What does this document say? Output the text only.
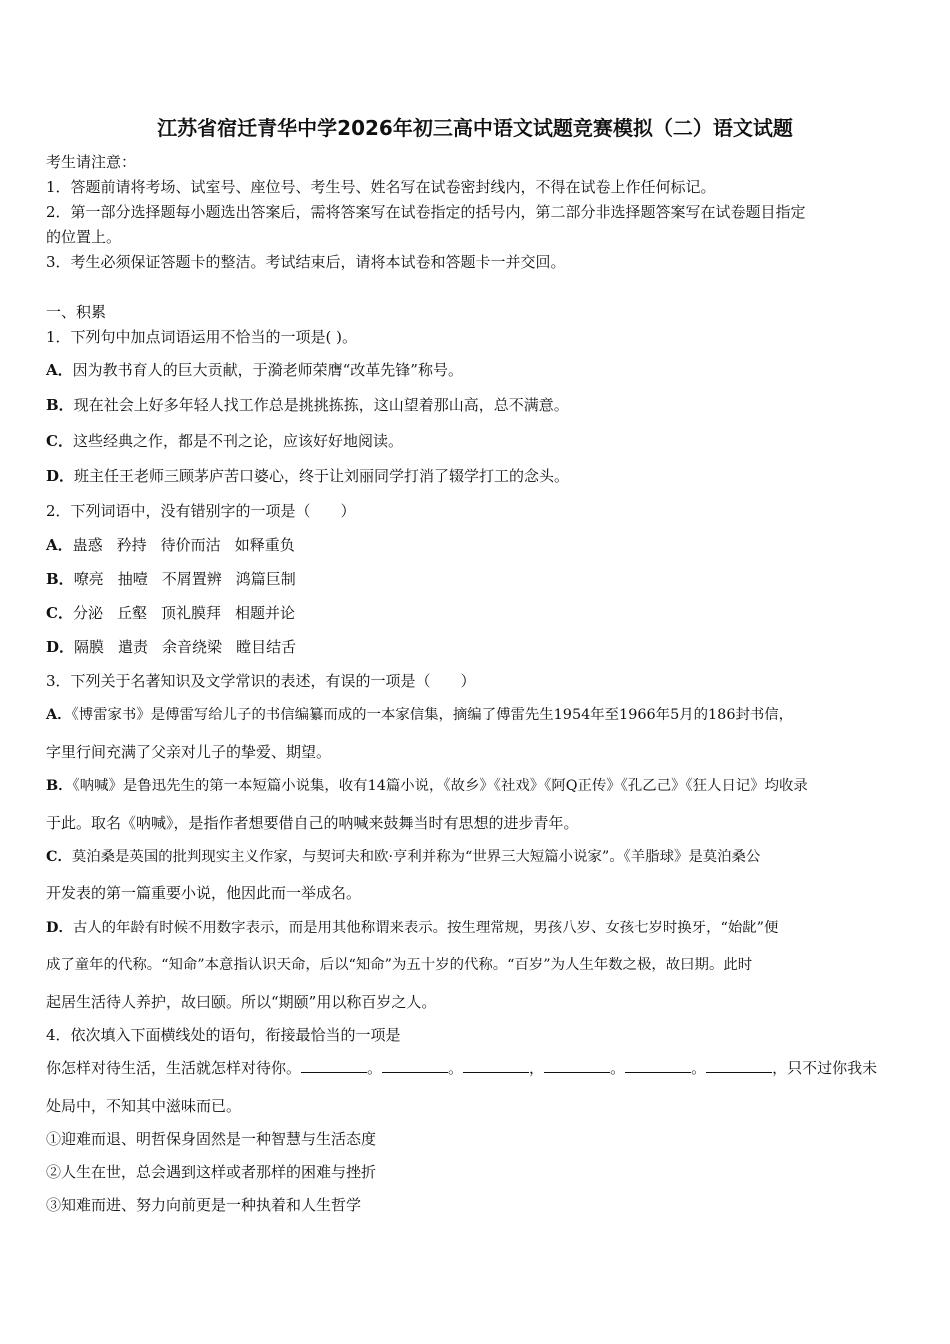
江苏省宿迁青华中学2026年初三高中语文试题竞赛模拟（二）语文试题
考生请注意：
1．答题前请将考场、试室号、座位号、考生号、姓名写在试卷密封线内，不得在试卷上作任何标记。
2．第一部分选择题每小题选出答案后，需将答案写在试卷指定的括号内，第二部分非选择题答案写在试卷题目指定
的位置上。
3．考生必须保证答题卡的整洁。考试结束后，请将本试卷和答题卡一并交回。
一、积累
1．下列句中加点词语运用不恰当的一项是( )。
A．因为教书育人的巨大贡献，于漪老师荣膺“改革先锋”称号。
B．现在社会上好多年轻人找工作总是挑挑拣拣，这山望着那山高，总不满意。
C．这些经典之作，都是不刊之论，应该好好地阅读。
D．班主任王老师三顾茅庐苦口婆心，终于让刘丽同学打消了辍学打工的念头。
2．下列词语中，没有错别字的一项是（　　）
A．蛊惑 矜持 待价而沽 如释重负
B．嘹亮 抽噎 不屑置辨 鸿篇巨制
C．分泌 丘壑 顶礼膜拜 相题并论
D．隔膜 遣责 余音绕梁 瞠目结舌
3．下列关于名著知识及文学常识的表述，有误的一项是（　　）
A．《博雷家书》是傅雷写给儿子的书信编纂而成的一本家信集，摘编了傅雷先生1954年至1966年5月的186封书信，
字里行间充满了父亲对儿子的挚爱、期望。
B．《呐喊》是鲁迅先生的第一本短篇小说集，收有14篇小说，《故乡》《社戏》《阿Q正传》《孔乙己》《狂人日记》均收录
于此。取名《呐喊》，是指作者想要借自己的呐喊来鼓舞当时有思想的进步青年。
C．莫泊桑是英国的批判现实主义作家，与契诃夫和欧·亨利并称为“世界三大短篇小说家”。《羊脂球》是莫泊桑公
开发表的第一篇重要小说，他因此而一举成名。
D．古人的年龄有时候不用数字表示，而是用其他称谓来表示。按生理常规，男孩八岁、女孩七岁时换牙，“始龀”便
成了童年的代称。“知命”本意指认识天命，后以“知命”为五十岁的代称。“百岁”为人生年数之极，故曰期。此时
起居生活待人养护，故曰颐。所以“期颐”用以称百岁之人。
4．依次填入下面横线处的语句，衔接最恰当的一项是
你怎样对待生活，生活就怎样对待你。	。	。	，	。	。	，只不过你我未
处局中，不知其中滋味而已。
①迎难而退、明哲保身固然是一种智慧与生活态度
②人生在世，总会遇到这样或者那样的困难与挫折
③知难而进、努力向前更是一种执着和人生哲学
